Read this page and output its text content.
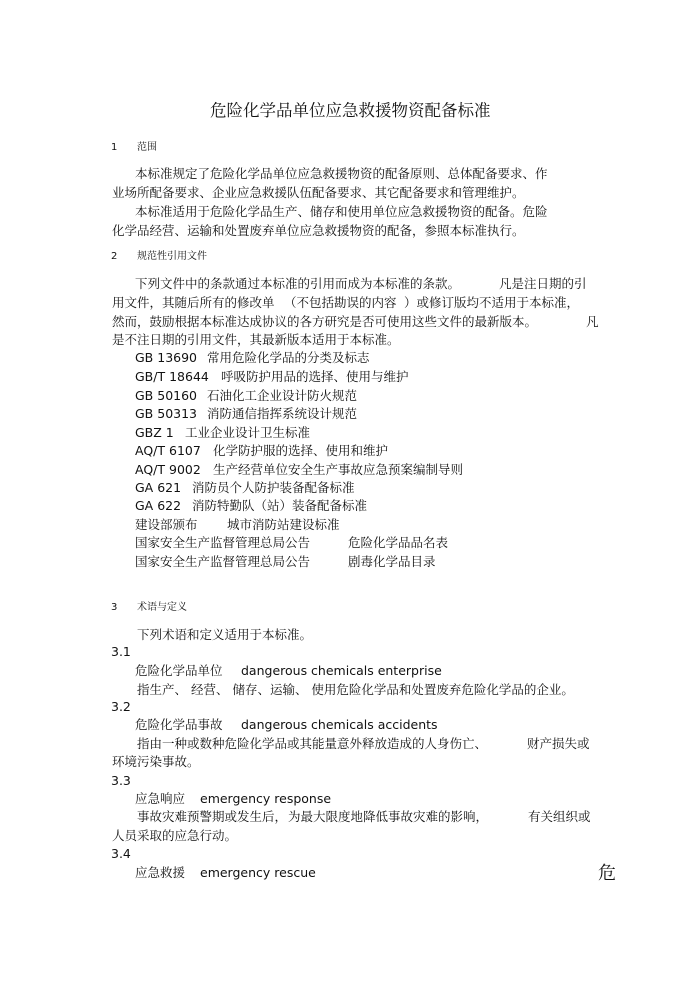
危险化学品单位应急救援物资配备标准
1 范围
本标准规定了危险化学品单位应急救援物资的配备原则、总体配备要求、作
业场所配备要求、企业应急救援队伍配备要求、其它配备要求和管理维护。
本标准适用于危险化学品生产、储存和使用单位应急救援物资的配备。危险
化学品经营、运输和处置废弃单位应急救援物资的配备，参照本标准执行。
2 规范性引用文件
下列文件中的条款通过本标准的引用而成为本标准的条款。	凡是注日期的引
用文件，其随后所有的修改单 （不包括勘误的内容 ）或修订版均不适用于本标准，
然而，鼓励根据本标准达成协议的各方研究是否可使用这些文件的最新版本。	凡
是不注日期的引用文件，其最新版本适用于本标准。
GB 13690 常用危险化学品的分类及标志
GB/T 18644 呼吸防护用品的选择、使用与维护
GB 50160 石油化工企业设计防火规范
GB 50313 消防通信指挥系统设计规范
GBZ 1 工业企业设计卫生标准
AQ/T 6107 化学防护服的选择、使用和维护
AQ/T 9002 生产经营单位安全生产事故应急预案编制导则
GA 621 消防员个人防护装备配备标准
GA 622 消防特勤队（站）装备配备标准
建设部颁布 城市消防站建设标准
国家安全生产监督管理总局公告	危险化学品品名表
国家安全生产监督管理总局公告	剧毒化学品目录
3 术语与定义
下列术语和定义适用于本标准。
3.1
危险化学品单位 dangerous chemicals enterprise
指生产、 经营、 储存、运输、 使用危险化学品和处置废弃危险化学品的企业。
3.2
危险化学品事故 dangerous chemicals accidents
指由一种或数种危险化学品或其能量意外释放造成的人身伤亡、	财产损失或
环境污染事故。
3.3
应急响应 emergency response
事故灾难预警期或发生后， 为最大限度地降低事故灾难的影响，	有关组织或
人员采取的应急行动。
3.4
应急救援 emergency rescue	危
